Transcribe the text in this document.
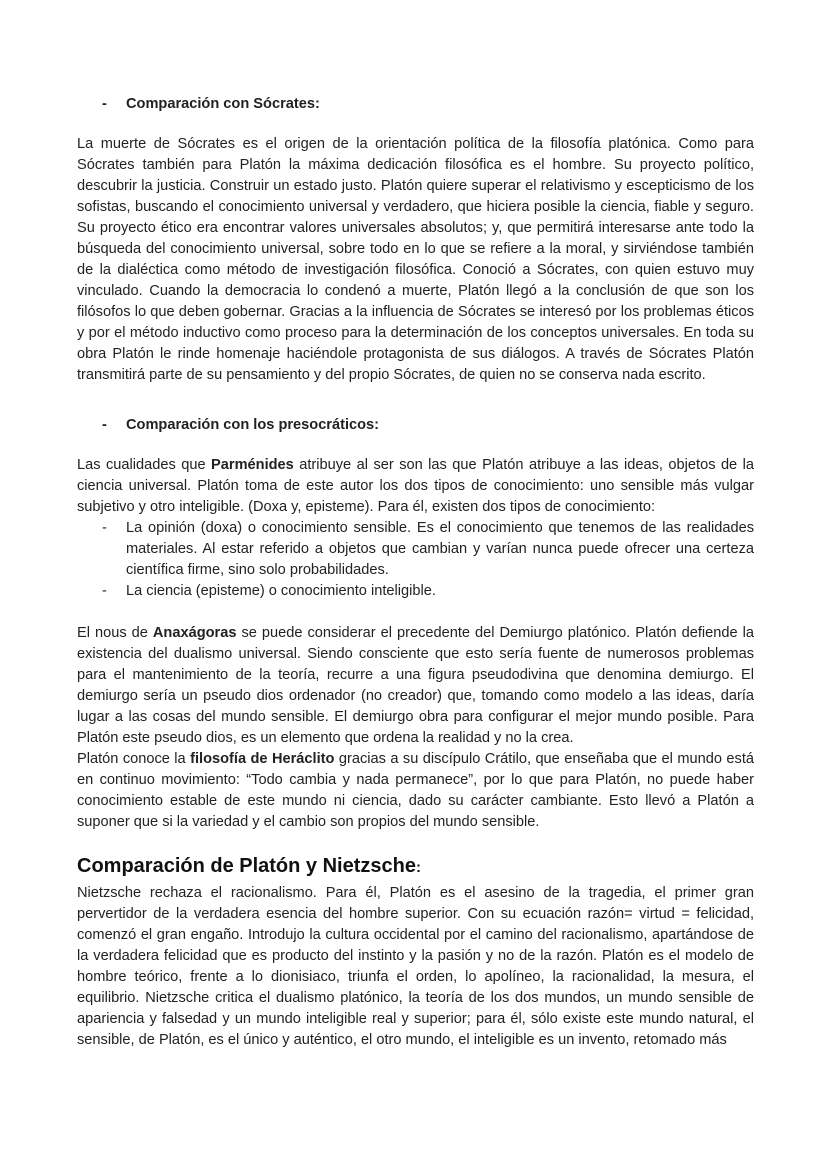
-	Comparación con Sócrates:

La muerte de Sócrates es el origen de la orientación política de la filosofía platónica. Como para Sócrates también para Platón la máxima dedicación filosófica es el hombre. Su proyecto político, descubrir la justicia. Construir un estado justo. Platón quiere superar el relativismo y escepticismo de los sofistas, buscando el conocimiento universal y verdadero, que hiciera posible la ciencia, fiable y seguro. Su proyecto ético era encontrar valores universales absolutos; y, que permitirá interesarse ante todo la búsqueda del conocimiento universal, sobre todo en lo que se refiere a la moral, y sirviéndose también de la dialéctica como método de investigación filosófica. Conoció a Sócrates, con quien estuvo muy vinculado. Cuando la democracia lo condenó a muerte, Platón llegó a la conclusión de que son los filósofos lo que deben gobernar. Gracias a la influencia de Sócrates se interesó por los problemas éticos y por el método inductivo como proceso para la determinación de los conceptos universales. En toda su obra Platón le rinde homenaje haciéndole protagonista de sus diálogos. A través de Sócrates Platón transmitirá parte de su pensamiento y del propio Sócrates, de quien no se conserva nada escrito.

-	Comparación con los presocráticos:

Las cualidades que Parménides atribuye al ser son las que Platón atribuye a las ideas, objetos de la ciencia universal. Platón toma de este autor los dos tipos de conocimiento: uno sensible más vulgar subjetivo y otro inteligible. (Doxa y, episteme). Para él, existen dos tipos de conocimiento:

-	La opinión (doxa) o conocimiento sensible. Es el conocimiento que tenemos de las realidades materiales. Al estar referido a objetos que cambian y varían nunca puede ofrecer una certeza científica firme, sino solo probabilidades.
-	La ciencia (episteme) o conocimiento inteligible.

El nous de Anaxágoras se puede considerar el precedente del Demiurgo platónico. Platón defiende la existencia del dualismo universal. Siendo consciente que esto sería fuente de numerosos problemas para el mantenimiento de la teoría, recurre a una figura pseudodivina que denomina demiurgo. El demiurgo sería un pseudo dios ordenador (no creador) que, tomando como modelo a las ideas, daría lugar a las cosas del mundo sensible. El demiurgo obra para configurar el mejor mundo posible. Para Platón este pseudo dios, es un elemento que ordena la realidad y no la crea.

Platón conoce la filosofía de Heráclito gracias a su discípulo Crátilo, que enseñaba que el mundo está en continuo movimiento: “Todo cambia y nada permanece”, por lo que para Platón, no puede haber conocimiento estable de este mundo ni ciencia, dado su carácter cambiante. Esto llevó a Platón a suponer que si la variedad y el cambio son propios del mundo sensible.

Comparación de Platón y Nietzsche:

Nietzsche rechaza el racionalismo. Para él, Platón es el asesino de la tragedia, el primer gran pervertidor de la verdadera esencia del hombre superior. Con su ecuación razón= virtud = felicidad, comenzó el gran engaño. Introdujo la cultura occidental por el camino del racionalismo, apartándose de la verdadera felicidad que es producto del instinto y la pasión y no de la razón. Platón es el modelo de hombre teórico, frente a lo dionisiaco, triunfa el orden, lo apolíneo, la racionalidad, la mesura, el equilibrio. Nietzsche critica el dualismo platónico, la teoría de los dos mundos, un mundo sensible de apariencia y falsedad y un mundo inteligible real y superior; para él, sólo existe este mundo natural, el sensible, de Platón, es el único y auténtico, el otro mundo, el inteligible es un invento, retomado más
